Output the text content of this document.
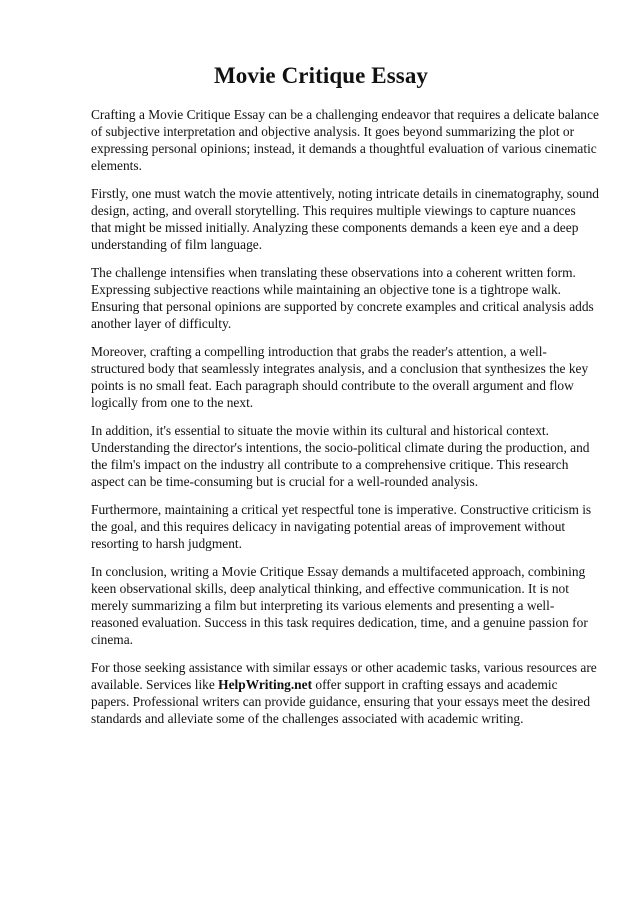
Movie Critique Essay

Crafting a Movie Critique Essay can be a challenging endeavor that requires a delicate balance of subjective interpretation and objective analysis. It goes beyond summarizing the plot or expressing personal opinions; instead, it demands a thoughtful evaluation of various cinematic elements.

Firstly, one must watch the movie attentively, noting intricate details in cinematography, sound design, acting, and overall storytelling. This requires multiple viewings to capture nuances that might be missed initially. Analyzing these components demands a keen eye and a deep understanding of film language.

The challenge intensifies when translating these observations into a coherent written form. Expressing subjective reactions while maintaining an objective tone is a tightrope walk. Ensuring that personal opinions are supported by concrete examples and critical analysis adds another layer of difficulty.

Moreover, crafting a compelling introduction that grabs the reader's attention, a well-structured body that seamlessly integrates analysis, and a conclusion that synthesizes the key points is no small feat. Each paragraph should contribute to the overall argument and flow logically from one to the next.

In addition, it's essential to situate the movie within its cultural and historical context. Understanding the director's intentions, the socio-political climate during the production, and the film's impact on the industry all contribute to a comprehensive critique. This research aspect can be time-consuming but is crucial for a well-rounded analysis.

Furthermore, maintaining a critical yet respectful tone is imperative. Constructive criticism is the goal, and this requires delicacy in navigating potential areas of improvement without resorting to harsh judgment.

In conclusion, writing a Movie Critique Essay demands a multifaceted approach, combining keen observational skills, deep analytical thinking, and effective communication. It is not merely summarizing a film but interpreting its various elements and presenting a well-reasoned evaluation. Success in this task requires dedication, time, and a genuine passion for cinema.

For those seeking assistance with similar essays or other academic tasks, various resources are available. Services like HelpWriting.net offer support in crafting essays and academic papers. Professional writers can provide guidance, ensuring that your essays meet the desired standards and alleviate some of the challenges associated with academic writing.
